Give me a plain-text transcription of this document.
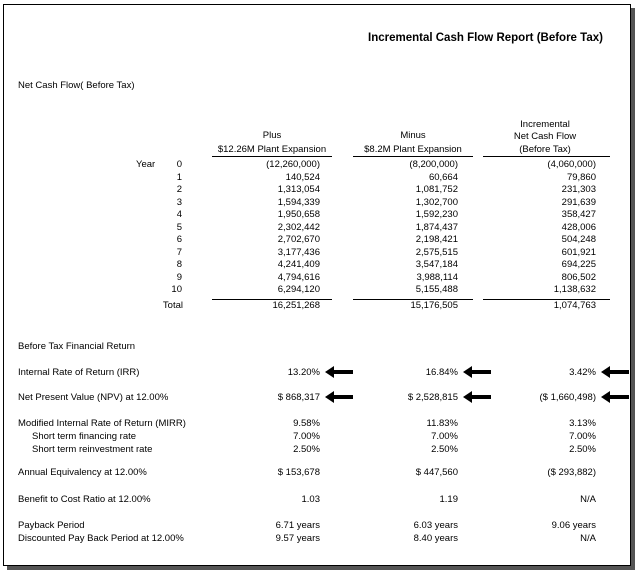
Incremental Cash Flow Report (Before Tax)
Net Cash Flow( Before Tax)
Plus
$12.26M Plant Expansion
Minus
$8.2M Plant Expansion
Incremental
Net Cash Flow
(Before Tax)
Year	0	(12,260,000)	(8,200,000)	(4,060,000)
1	140,524	60,664	79,860
2	1,313,054	1,081,752	231,303
3	1,594,339	1,302,700	291,639
4	1,950,658	1,592,230	358,427
5	2,302,442	1,874,437	428,006
6	2,702,670	2,198,421	504,248
7	3,177,436	2,575,515	601,921
8	4,241,409	3,547,184	694,225
9	4,794,616	3,988,114	806,502
10	6,294,120	5,155,488	1,138,632
Total	16,251,268	15,176,505	1,074,763
Before Tax Financial Return
Internal Rate of Return (IRR)	13.20%	16.84%	3.42%
Net Present Value (NPV) at 12.00%	$ 868,317	$ 2,528,815	($ 1,660,498)
Modified Internal Rate of Return (MIRR)	9.58%	11.83%	3.13%
Short term financing rate	7.00%	7.00%	7.00%
Short term reinvestment rate	2.50%	2.50%	2.50%
Annual Equivalency at 12.00%	$ 153,678	$ 447,560	($ 293,882)
Benefit to Cost Ratio at 12.00%	1.03	1.19	N/A
Payback Period	6.71 years	6.03 years	9.06 years
Discounted Pay Back Period at 12.00%	9.57 years	8.40 years	N/A
